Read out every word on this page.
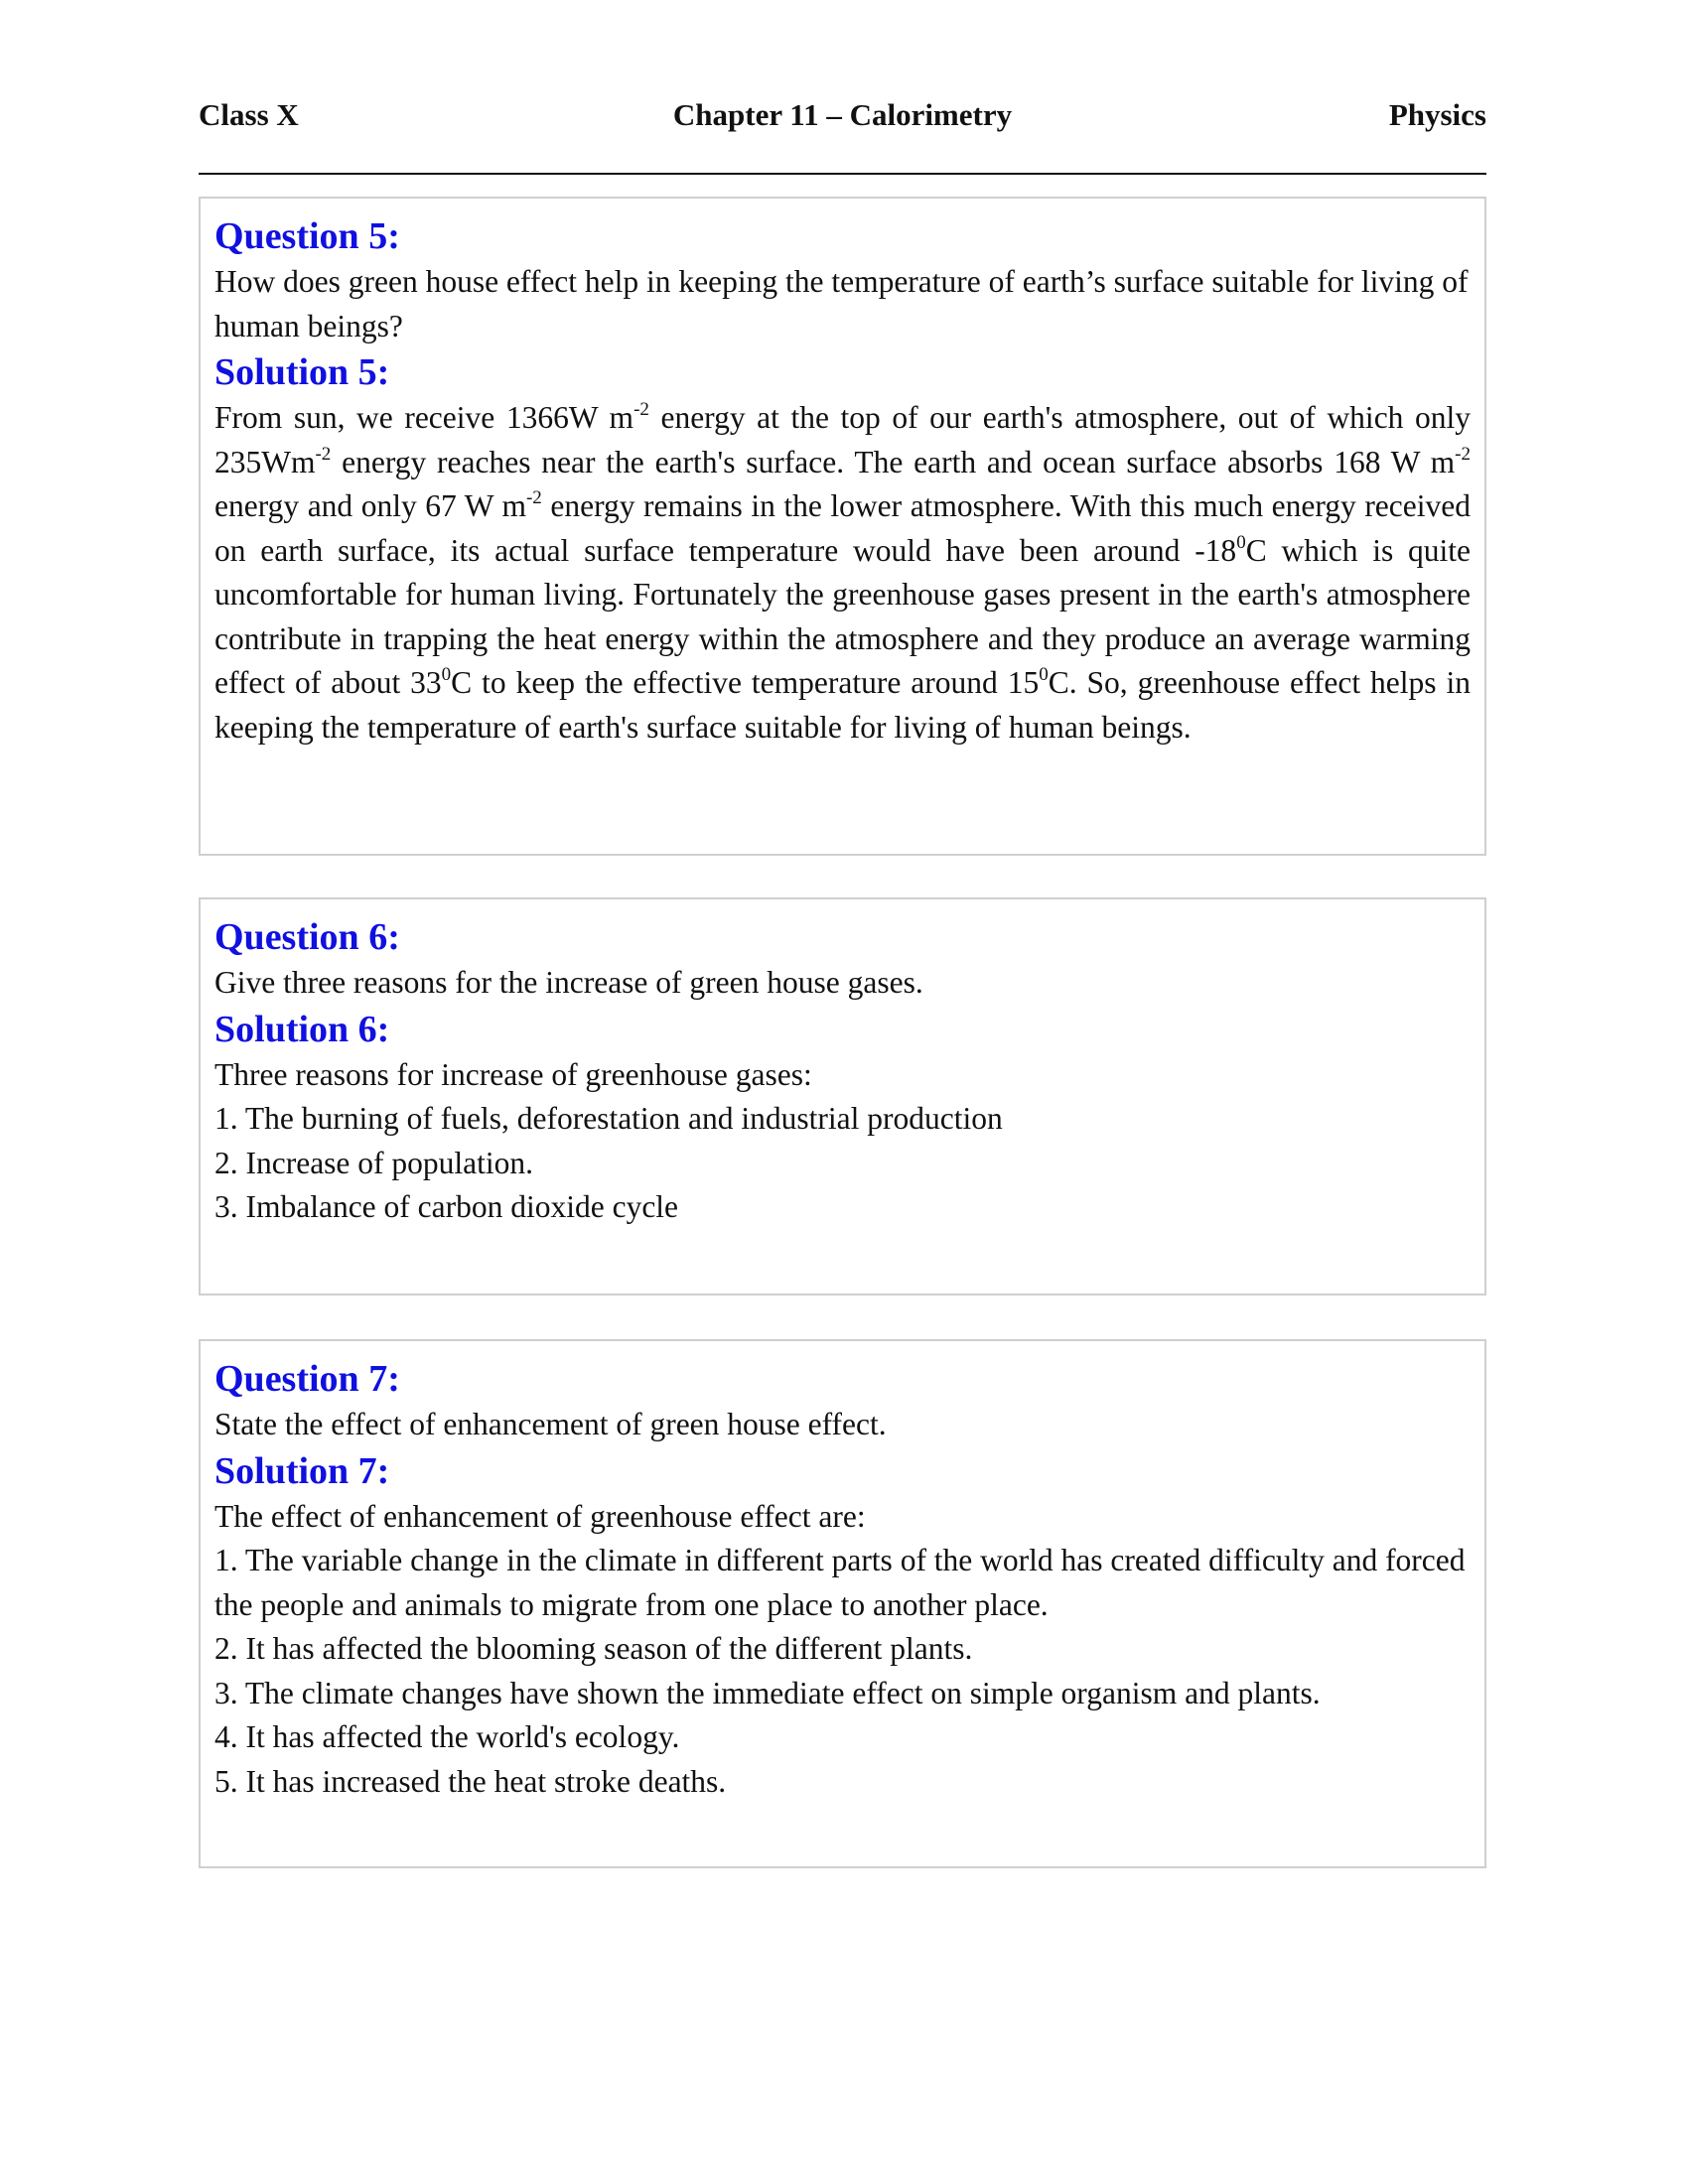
Class X	Chapter 11 – Calorimetry	Physics
Question 5:
How does green house effect help in keeping the temperature of earth’s surface suitable for living of human beings?
Solution 5:
From sun, we receive 1366W $m^{-2}$ energy at the top of our earth's atmosphere, out of which only $235Wm^{-2}$ energy reaches near the earth's surface. The earth and ocean surface absorbs 168 W $m^{-2}$ energy and only 67 W $m^{-2}$ energy remains in the lower atmosphere. With this much energy received on earth surface, its actual surface temperature would have been around $-18^0C$ which is quite uncomfortable for human living. Fortunately the greenhouse gases present in the earth's atmosphere contribute in trapping the heat energy within the atmosphere and they produce an average warming effect of about $33^0C$ to keep the effective temperature around $15^0C$. So, greenhouse effect helps in keeping the temperature of earth's surface suitable for living of human beings.
Question 6:
Give three reasons for the increase of green house gases.
Solution 6:
Three reasons for increase of greenhouse gases:
1. The burning of fuels, deforestation and industrial production
2. Increase of population.
3. Imbalance of carbon dioxide cycle
Question 7:
State the effect of enhancement of green house effect.
Solution 7:
The effect of enhancement of greenhouse effect are:
1. The variable change in the climate in different parts of the world has created difficulty and forced the people and animals to migrate from one place to another place.
2. It has affected the blooming season of the different plants.
3. The climate changes have shown the immediate effect on simple organism and plants.
4. It has affected the world's ecology.
5. It has increased the heat stroke deaths.
